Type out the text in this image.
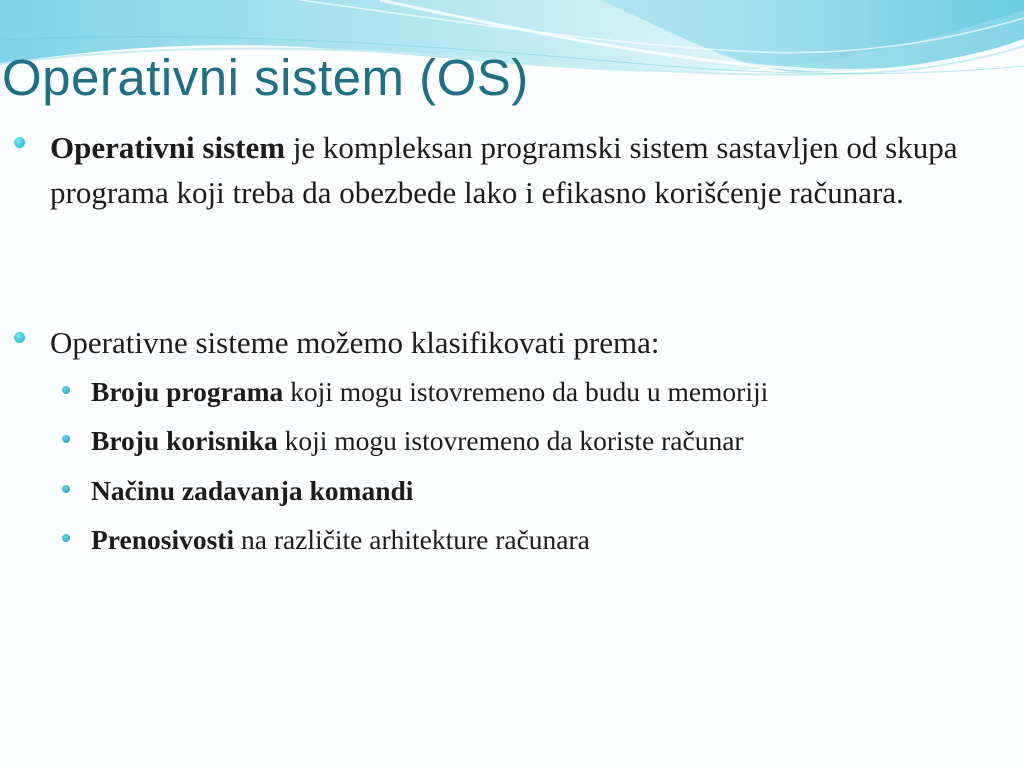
Operativni sistem (OS)
Operativni sistem je kompleksan programski sistem sastavljen od skupa programa koji treba da obezbede lako i efikasno korišćenje računara.
Operativne sisteme možemo klasifikovati prema:
Broju programa koji mogu istovremeno da budu u memoriji
Broju korisnika koji mogu istovremeno da koriste računar
Načinu zadavanja komandi
Prenosivosti na različite arhitekture računara
